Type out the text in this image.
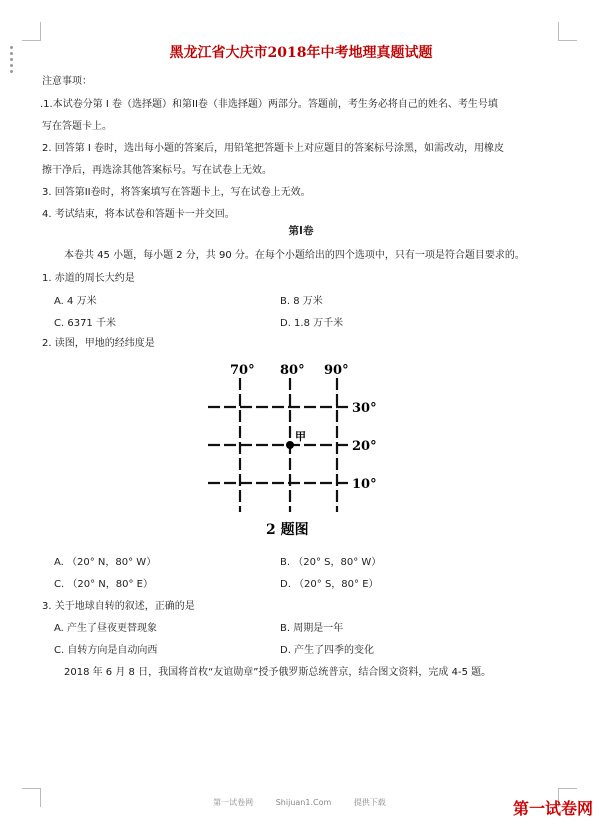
黑龙江省大庆市2018年中考地理真题试题
注意事项：
.1.本试卷分第 I 卷（选择题）和第II卷（非选择题）两部分。答题前，考生务必将自己的姓名、考生号填
写在答题卡上。
2. 回答第 I 卷时，选出每小题的答案后，用铅笔把答题卡上对应题目的答案标号涂黑，如需改动，用橡皮
擦干净后，再选涂其他答案标号。写在试卷上无效。
3. 回答第II卷时，将答案填写在答题卡上，写在试卷上无效。
4. 考试结束，将本试卷和答题卡一并交回。
第Ⅰ卷
本卷共 45 小题，每小题 2 分，共 90 分。在每个小题给出的四个选项中，只有一项是符合题目要求的。
1. 赤道的周长大约是
A. 4 万米	B. 8 万米
C. 6371 千米	D. 1.8 万千米
2. 读图，甲地的经纬度是
A. （20° N，80° W）	B. （20° S，80° W）
C. （20° N，80° E）	D. （20° S，80° E）
3. 关于地球自转的叙述，正确的是
A. 产生了昼夜更替现象	B. 周期是一年
C. 自转方向是自动向西	D. 产生了四季的变化
2018 年 6 月 8 日，我国将首枚“友谊勋章”授予俄罗斯总统普京，结合图文资料，完成 4-5 题。
70° 80° 90°
30°
20°
10°
甲
2 题图
第一试卷网	Shijuan1.Com	提供下载	第一试卷网
